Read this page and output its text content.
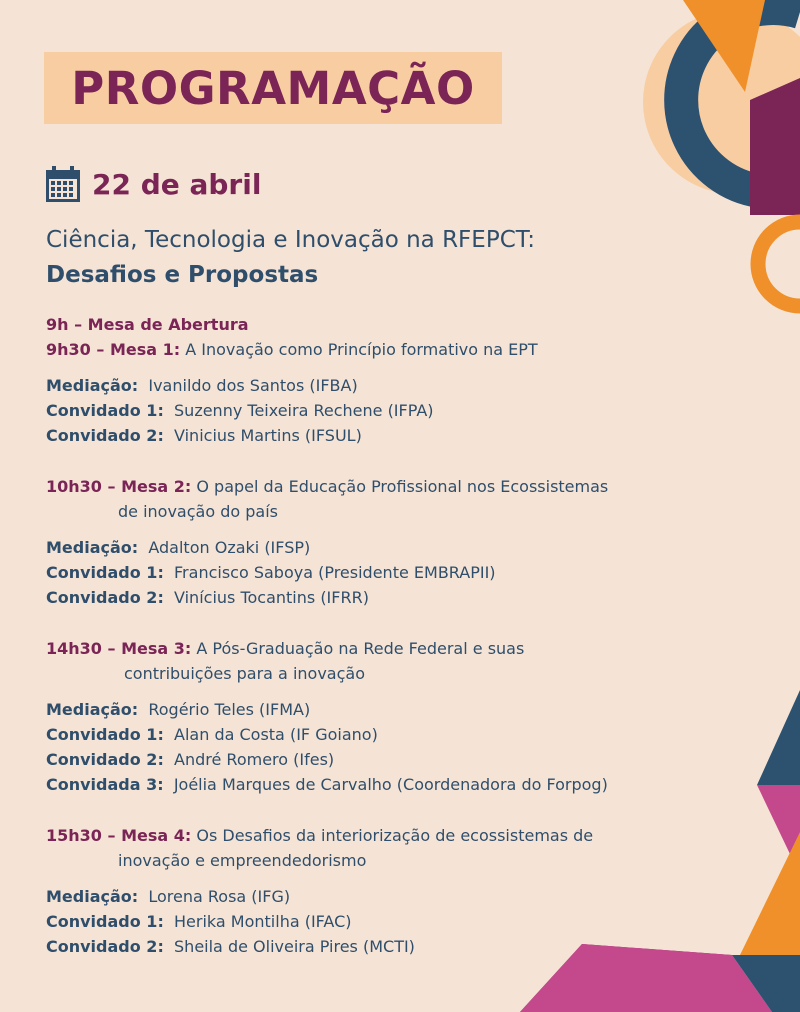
PROGRAMAÇÃO
22 de abril
Ciência, Tecnologia e Inovação na RFEPCT:
Desafios e Propostas
9h – Mesa de Abertura
9h30 – Mesa 1: A Inovação como Princípio formativo na EPT
Mediação: Ivanildo dos Santos (IFBA)
Convidado 1: Suzenny Teixeira Rechene (IFPA)
Convidado 2: Vinicius Martins (IFSUL)
10h30 – Mesa 2: O papel da Educação Profissional nos Ecossistemas
de inovação do país
Mediação: Adalton Ozaki (IFSP)
Convidado 1: Francisco Saboya (Presidente EMBRAPII)
Convidado 2: Vinícius Tocantins (IFRR)
14h30 – Mesa 3: A Pós-Graduação na Rede Federal e suas
contribuições para a inovação
Mediação: Rogério Teles (IFMA)
Convidado 1: Alan da Costa (IF Goiano)
Convidado 2: André Romero (Ifes)
Convidada 3: Joélia Marques de Carvalho (Coordenadora do Forpog)
15h30 – Mesa 4: Os Desafios da interiorização de ecossistemas de
inovação e empreendedorismo
Mediação: Lorena Rosa (IFG)
Convidado 1: Herika Montilha (IFAC)
Convidado 2: Sheila de Oliveira Pires (MCTI)
